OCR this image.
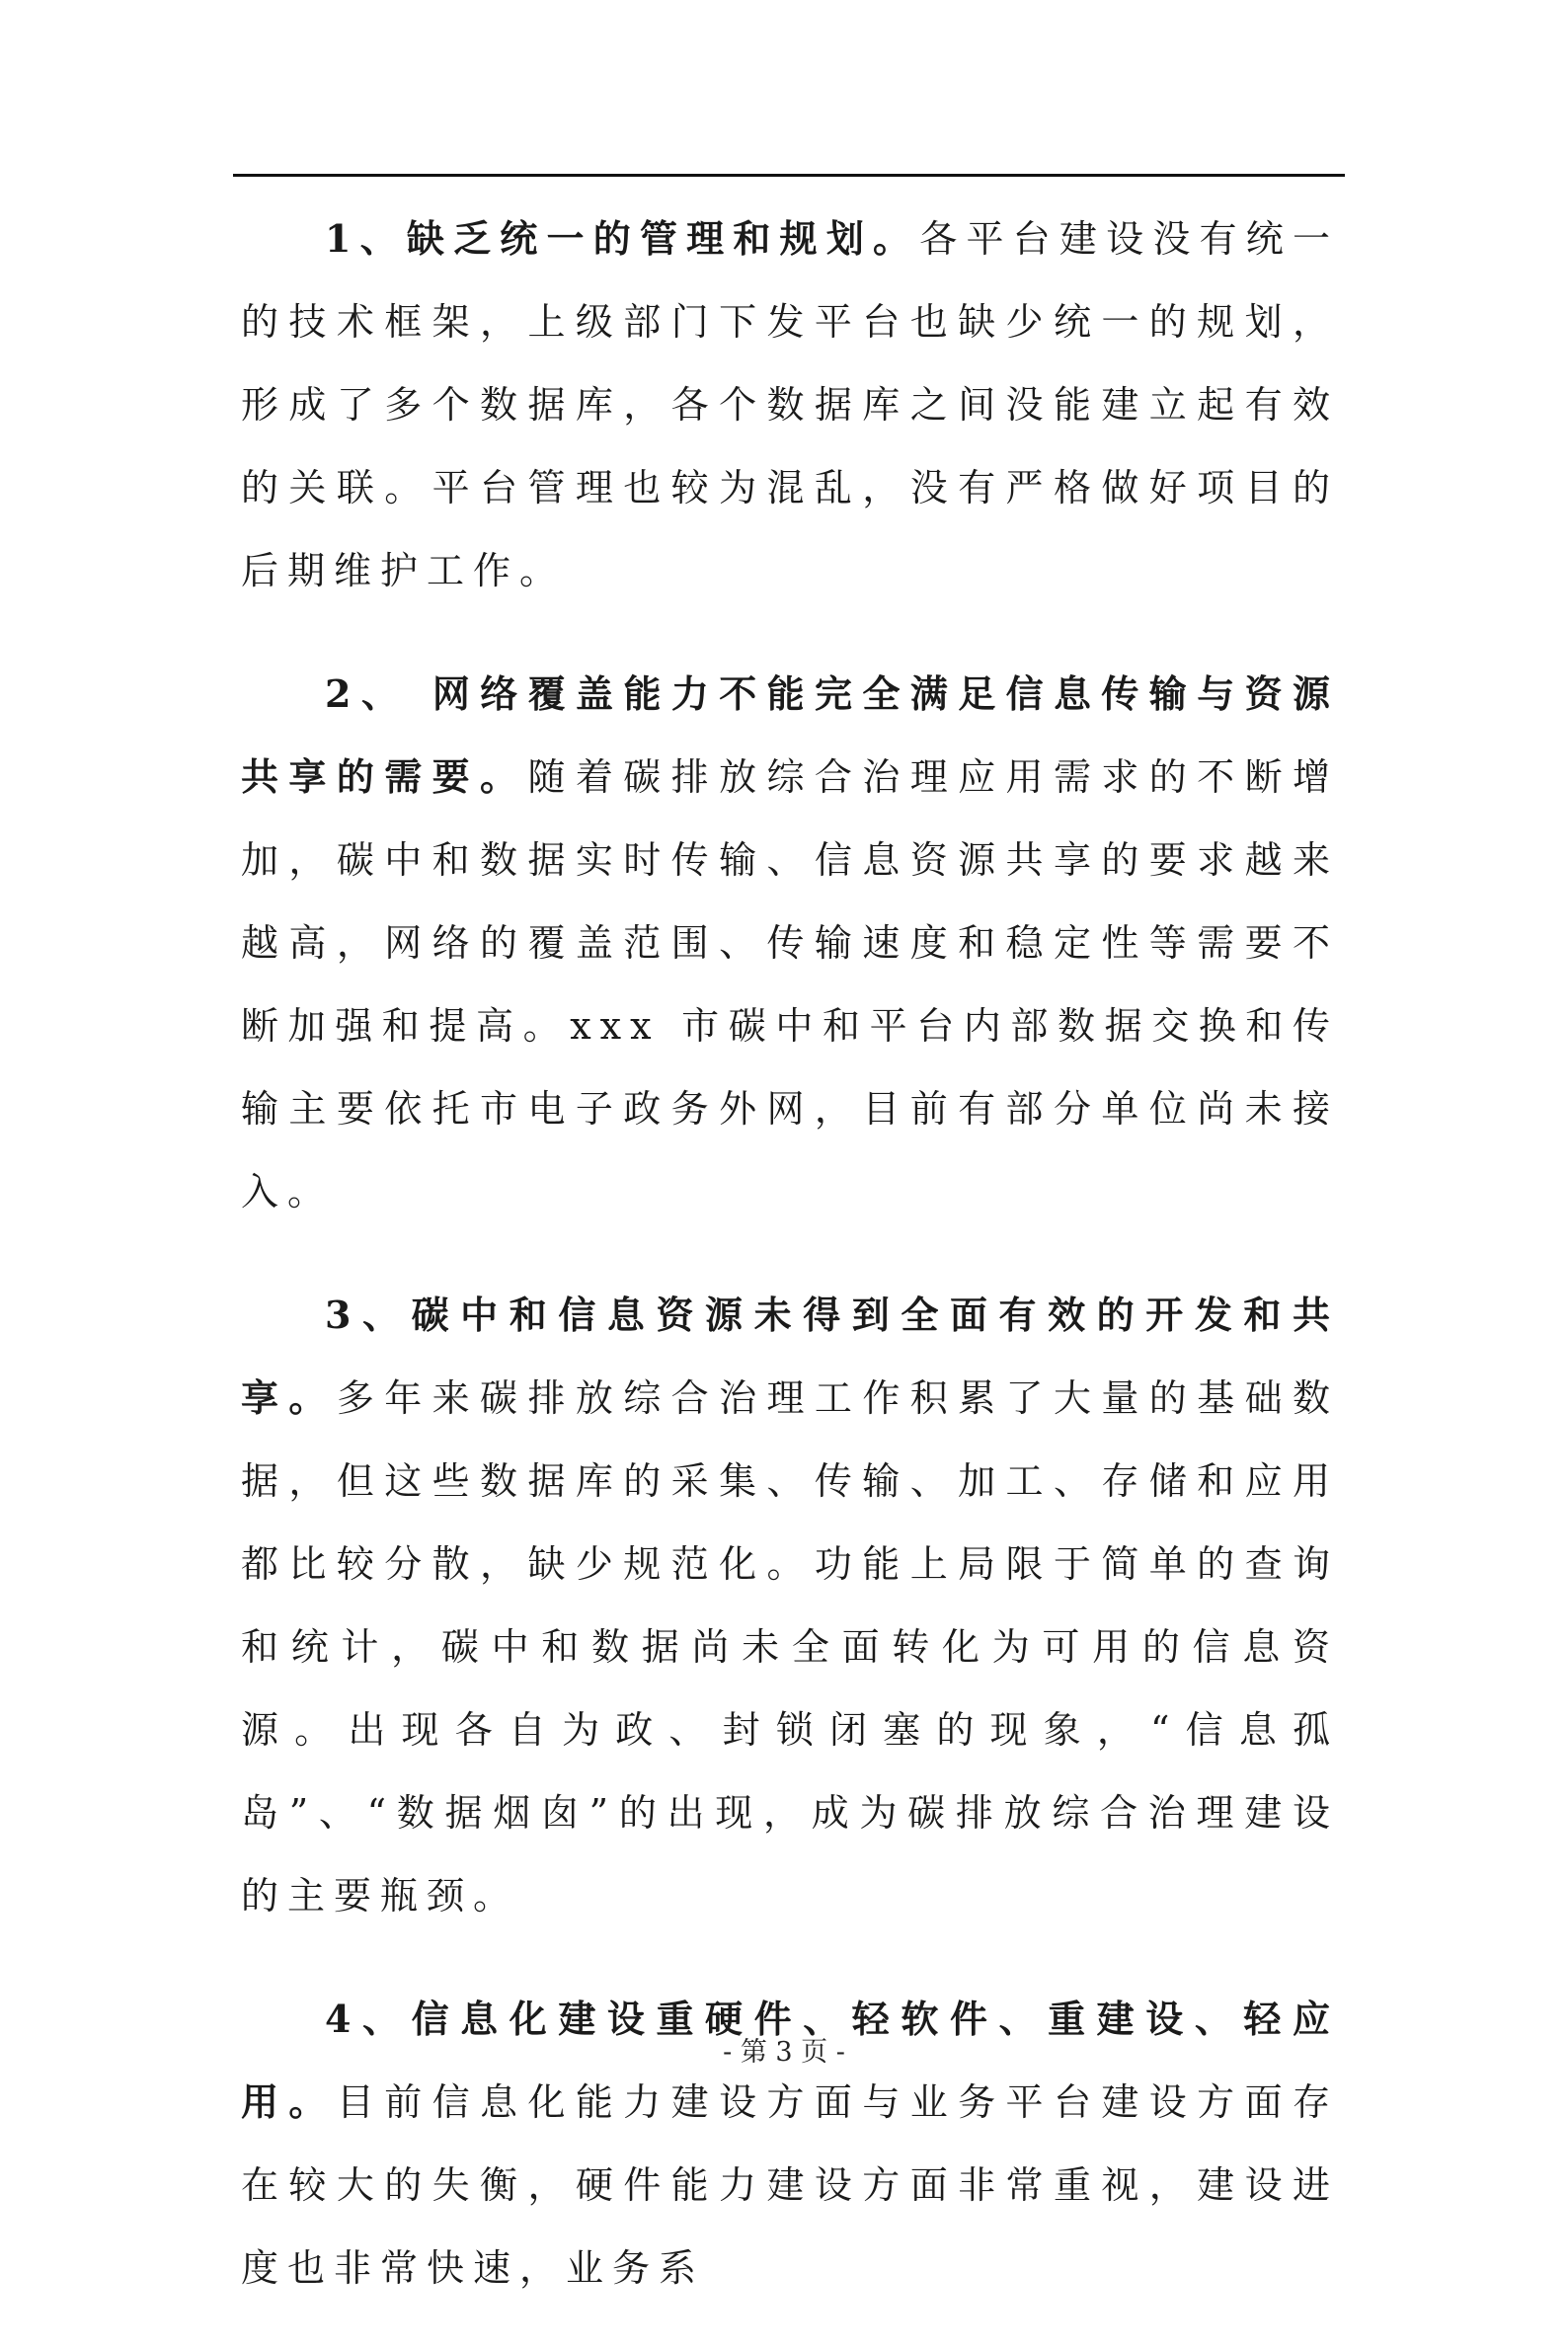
1、缺乏统一的管理和规划。各平台建设没有统一的技术框架，上级部门下发平台也缺少统一的规划，形成了多个数据库，各个数据库之间没能建立起有效的关联。平台管理也较为混乱，没有严格做好项目的后期维护工作。

2、 网络覆盖能力不能完全满足信息传输与资源共享的需要。随着碳排放综合治理应用需求的不断增加，碳中和数据实时传输、信息资源共享的要求越来越高，网络的覆盖范围、传输速度和稳定性等需要不断加强和提高。xxx 市碳中和平台内部数据交换和传输主要依托市电子政务外网，目前有部分单位尚未接入。

3、碳中和信息资源未得到全面有效的开发和共享。多年来碳排放综合治理工作积累了大量的基础数据，但这些数据库的采集、传输、加工、存储和应用都比较分散，缺少规范化。功能上局限于简单的查询和统计，碳中和数据尚未全面转化为可用的信息资源。出现各自为政、封锁闭塞的现象，“信息孤岛”、“数据烟囱”的出现，成为碳排放综合治理建设的主要瓶颈。

4、信息化建设重硬件、轻软件、重建设、轻应用。目前信息化能力建设方面与业务平台建设方面存在较大的失衡，硬件能力建设方面非常重视，建设进度也非常快速，业务系

- 第 3 页 -
